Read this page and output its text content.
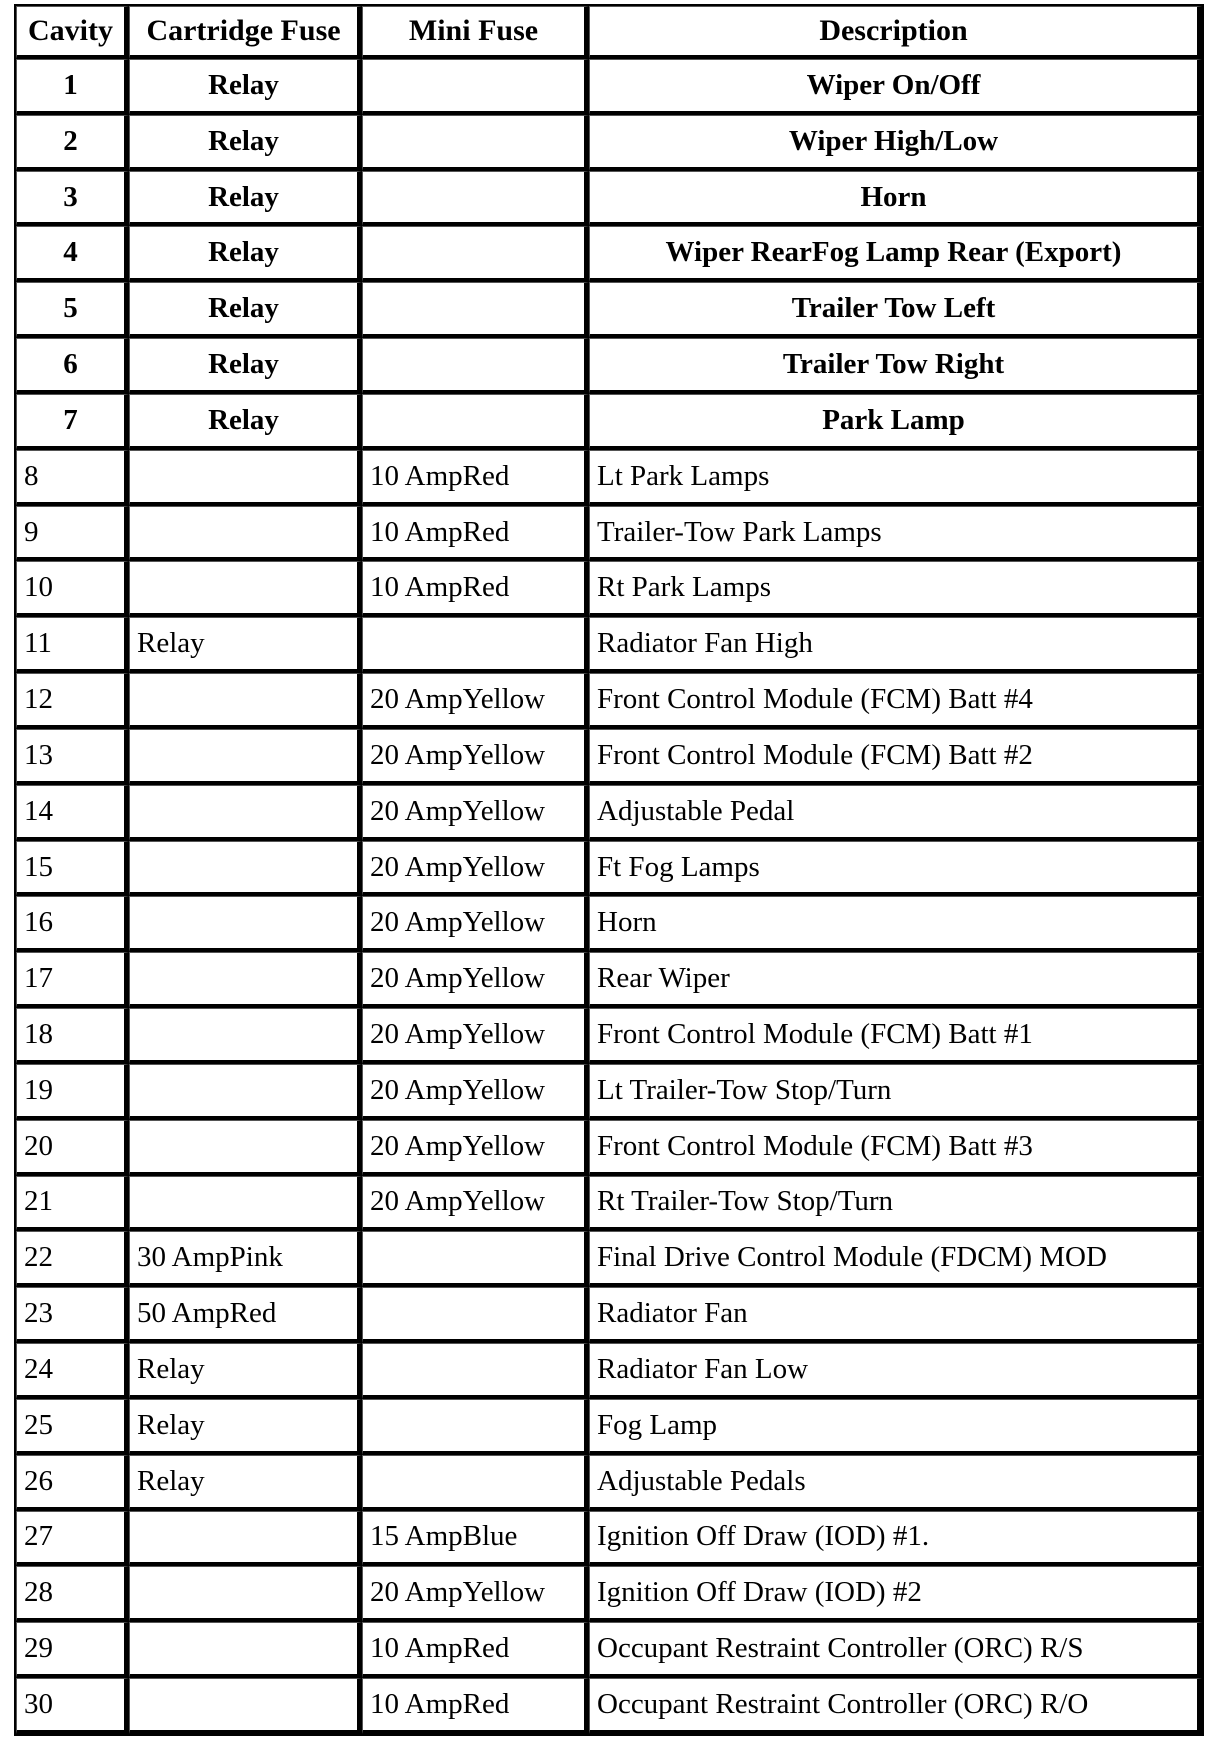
Cavity	Cartridge Fuse	Mini Fuse	Description
1	Relay		Wiper On/Off
2	Relay		Wiper High/Low
3	Relay		Horn
4	Relay		Wiper RearFog Lamp Rear (Export)
5	Relay		Trailer Tow Left
6	Relay		Trailer Tow Right
7	Relay		Park Lamp
8		10 AmpRed	Lt Park Lamps
9		10 AmpRed	Trailer-Tow Park Lamps
10		10 AmpRed	Rt Park Lamps
11	Relay		Radiator Fan High
12		20 AmpYellow	Front Control Module (FCM) Batt #4
13		20 AmpYellow	Front Control Module (FCM) Batt #2
14		20 AmpYellow	Adjustable Pedal
15		20 AmpYellow	Ft Fog Lamps
16		20 AmpYellow	Horn
17		20 AmpYellow	Rear Wiper
18		20 AmpYellow	Front Control Module (FCM) Batt #1
19		20 AmpYellow	Lt Trailer-Tow Stop/Turn
20		20 AmpYellow	Front Control Module (FCM) Batt #3
21		20 AmpYellow	Rt Trailer-Tow Stop/Turn
22	30 AmpPink		Final Drive Control Module (FDCM) MOD
23	50 AmpRed		Radiator Fan
24	Relay		Radiator Fan Low
25	Relay		Fog Lamp
26	Relay		Adjustable Pedals
27		15 AmpBlue	Ignition Off Draw (IOD) #1.
28		20 AmpYellow	Ignition Off Draw (IOD) #2
29		10 AmpRed	Occupant Restraint Controller (ORC) R/S
30		10 AmpRed	Occupant Restraint Controller (ORC) R/O
